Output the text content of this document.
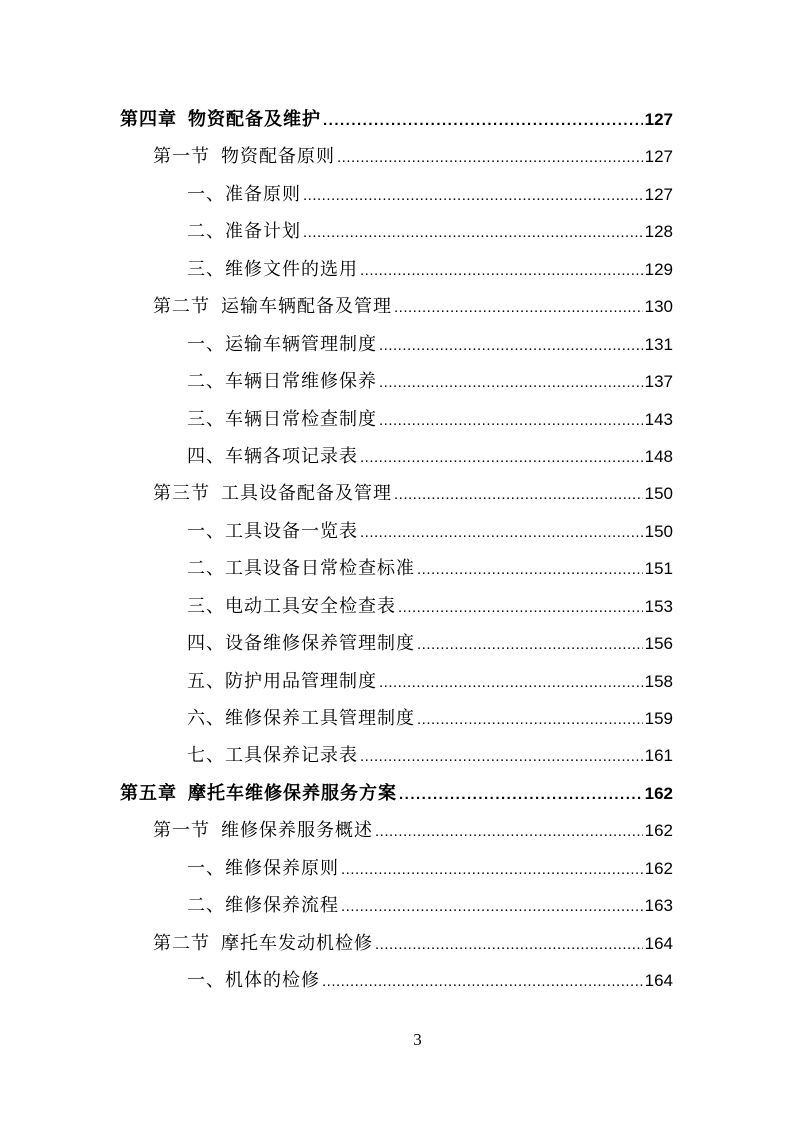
第四章 物资配备及维护 .....	127
第一节 物资配备原则 .....	127
一、准备原则 .....	127
二、准备计划 .....	128
三、维修文件的选用 .....	129
第二节 运输车辆配备及管理 .....	130
一、运输车辆管理制度 .....	131
二、车辆日常维修保养 .....	137
三、车辆日常检查制度 .....	143
四、车辆各项记录表 .....	148
第三节 工具设备配备及管理 .....	150
一、工具设备一览表 .....	150
二、工具设备日常检查标准 .....	151
三、电动工具安全检查表 .....	153
四、设备维修保养管理制度 .....	156
五、防护用品管理制度 .....	158
六、维修保养工具管理制度 .....	159
七、工具保养记录表 .....	161
第五章 摩托车维修保养服务方案 .....	162
第一节 维修保养服务概述 .....	162
一、维修保养原则 .....	162
二、维修保养流程 .....	163
第二节 摩托车发动机检修 .....	164
一、机体的检修 .....	164
3
